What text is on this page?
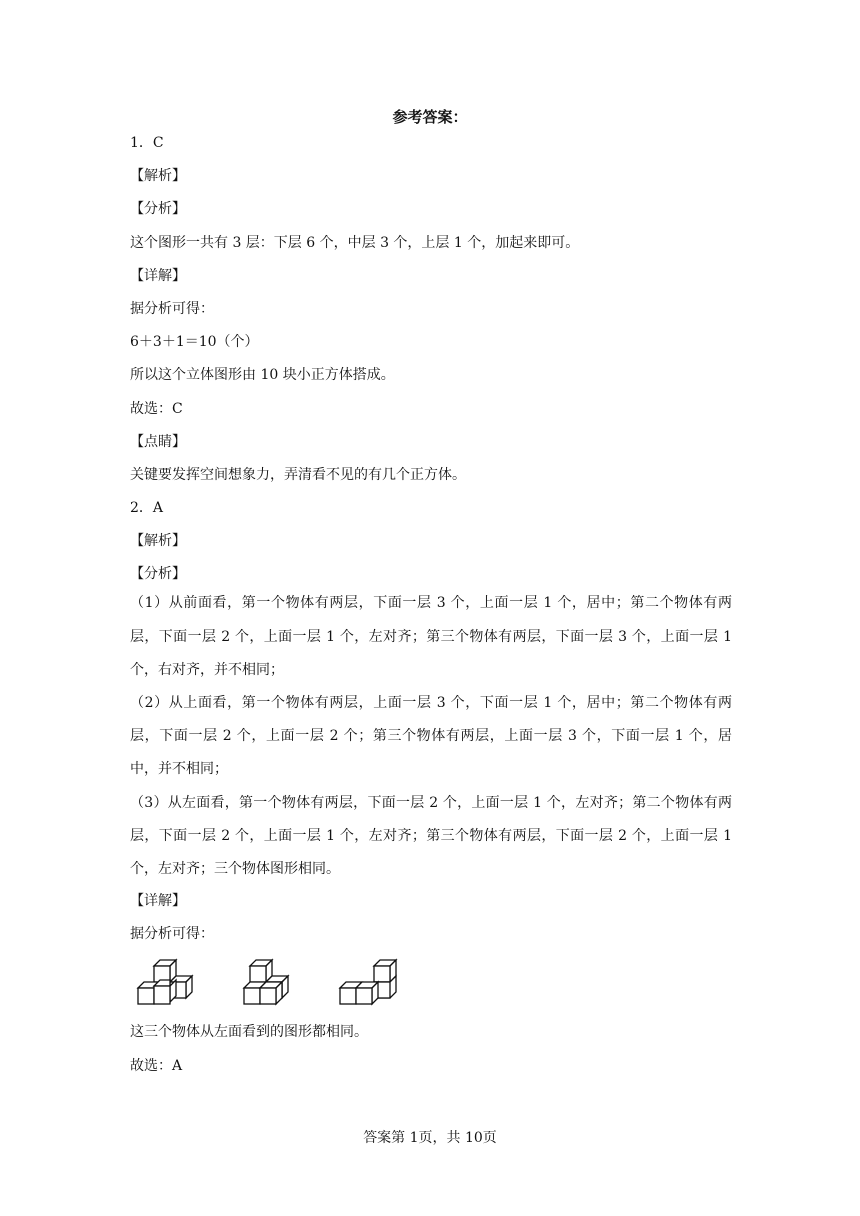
参考答案：
1．C
【解析】
【分析】
这个图形一共有 3 层：下层 6 个，中层 3 个，上层 1 个，加起来即可。
【详解】
据分析可得：
6＋3＋1＝10（个）
所以这个立体图形由 10 块小正方体搭成。
故选：C
【点睛】
关键要发挥空间想象力，弄清看不见的有几个正方体。
2．A
【解析】
【分析】
（1）从前面看，第一个物体有两层，下面一层 3 个，上面一层 1 个，居中；第二个物体有两层，下面一层 2 个，上面一层 1 个，左对齐；第三个物体有两层，下面一层 3 个，上面一层 1 个，右对齐，并不相同；
（2）从上面看，第一个物体有两层，上面一层 3 个，下面一层 1 个，居中；第二个物体有两层，下面一层 2 个，上面一层 2 个；第三个物体有两层，上面一层 3 个，下面一层 1 个，居中，并不相同；
（3）从左面看，第一个物体有两层，下面一层 2 个，上面一层 1 个，左对齐；第二个物体有两层，下面一层 2 个，上面一层 1 个，左对齐；第三个物体有两层，下面一层 2 个，上面一层 1 个，左对齐；三个物体图形相同。
【详解】
据分析可得：
这三个物体从左面看到的图形都相同。
故选：A
答案第 1页，共 10页
